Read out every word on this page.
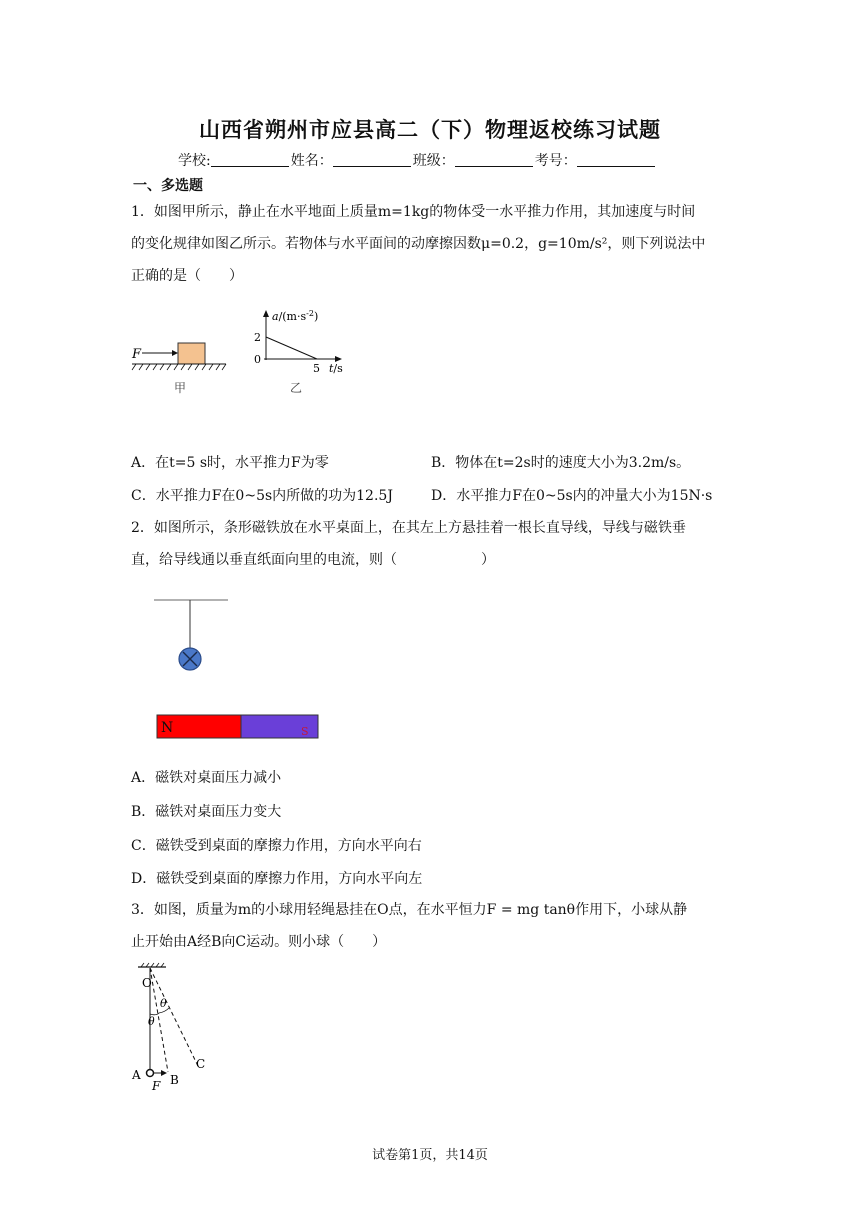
山西省朔州市应县高二（下）物理返校练习试题
学校:	姓名：	班级：	考号：
一、多选题
1．如图甲所示，静止在水平地面上质量m=1kg的物体受一水平推力作用，其加速度与时间
的变化规律如图乙所示。若物体与水平面间的动摩擦因数μ=0.2，g=10m/s²，则下列说法中
正确的是（　　）
F
甲
$a/(m\cdot s^{-2})$
2
0
5 t/s
乙
A．在t=5 s时，水平推力F为零	B．物体在t=2s时的速度大小为3.2m/s。
C．水平推力F在0~5s内所做的功为12.5J	D．水平推力F在0~5s内的冲量大小为15N·s
2．如图所示，条形磁铁放在水平桌面上，在其左上方悬挂着一根长直导线，导线与磁铁垂
直，给导线通以垂直纸面向里的电流，则（　　　　　　）
N	S
A．磁铁对桌面压力减小
B．磁铁对桌面压力变大
C．磁铁受到桌面的摩擦力作用，方向水平向右
D．磁铁受到桌面的摩擦力作用，方向水平向左
3．如图，质量为m的小球用轻绳悬挂在O点，在水平恒力F = mg tanθ作用下，小球从静
止开始由A经B向C运动。则小球（　　）
O
θ
θ
A B
C
F
试卷第1页，共14页
